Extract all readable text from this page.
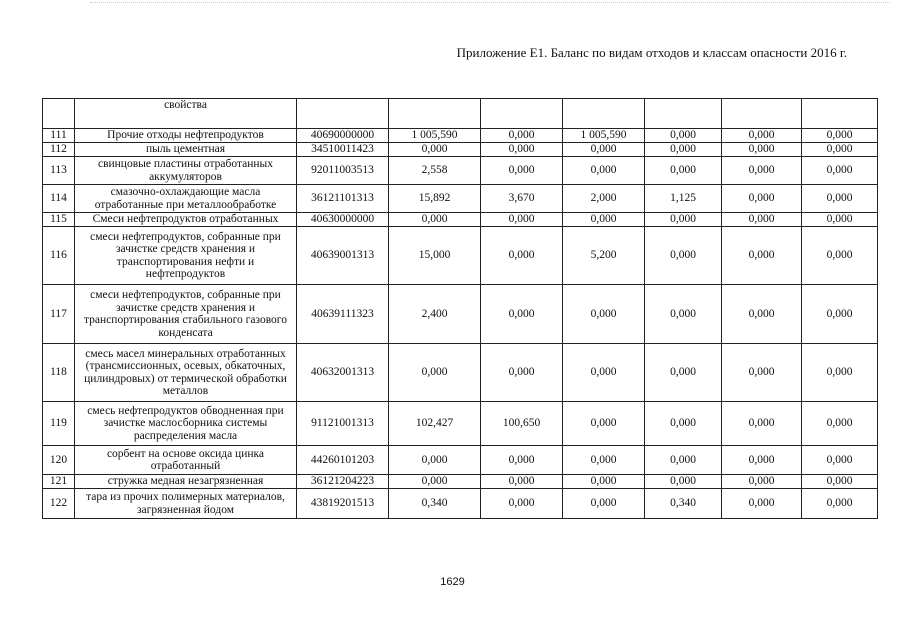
Приложение Е1. Баланс по видам отходов и классам опасности 2016 г.
	свойства							
111	Прочие отходы нефтепродуктов	40690000000	1 005,590	0,000	1 005,590	0,000	0,000	0,000
112	пыль цементная	34510011423	0,000	0,000	0,000	0,000	0,000	0,000
113	свинцовые пластины отработанных аккумуляторов	92011003513	2,558	0,000	0,000	0,000	0,000	0,000
114	смазочно-охлаждающие масла отработанные при металлообработке	36121101313	15,892	3,670	2,000	1,125	0,000	0,000
115	Смеси нефтепродуктов отработанных	40630000000	0,000	0,000	0,000	0,000	0,000	0,000
116	смеси нефтепродуктов, собранные при зачистке средств хранения и транспортирования нефти и нефтепродуктов	40639001313	15,000	0,000	5,200	0,000	0,000	0,000
117	смеси нефтепродуктов, собранные при зачистке средств хранения и транспортирования стабильного газового конденсата	40639111323	2,400	0,000	0,000	0,000	0,000	0,000
118	смесь масел минеральных отработанных (трансмиссионных, осевых, обкаточных, цилиндровых) от термической обработки металлов	40632001313	0,000	0,000	0,000	0,000	0,000	0,000
119	смесь нефтепродуктов обводненная при зачистке маслосборника системы распределения масла	91121001313	102,427	100,650	0,000	0,000	0,000	0,000
120	сорбент на основе оксида цинка отработанный	44260101203	0,000	0,000	0,000	0,000	0,000	0,000
121	стружка медная незагрязненная	36121204223	0,000	0,000	0,000	0,000	0,000	0,000
122	тара из прочих полимерных материалов, загрязненная йодом	43819201513	0,340	0,000	0,000	0,340	0,000	0,000
1629
